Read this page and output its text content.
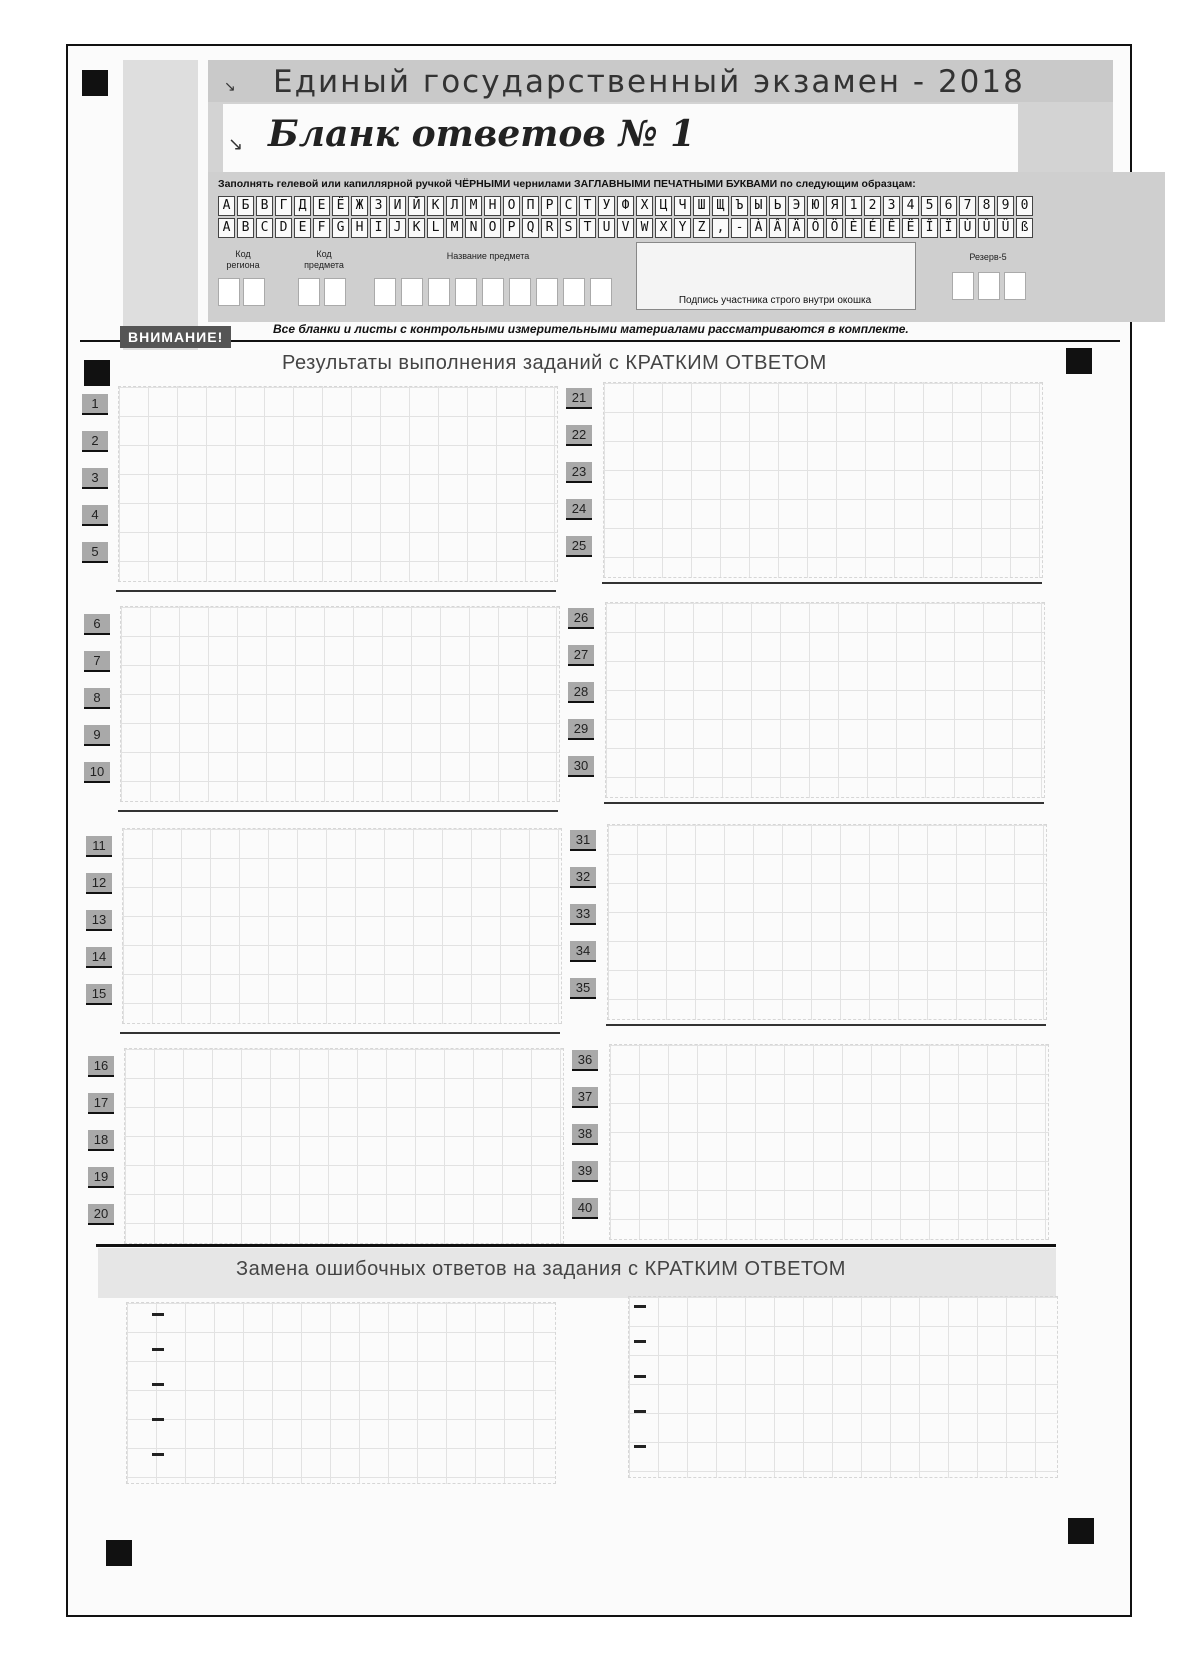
↘ Единый государственный экзамен - 2018
↘ Бланк ответов № 1
Заполнять гелевой или капиллярной ручкой ЧЁРНЫМИ чернилами ЗАГЛАВНЫМИ ПЕЧАТНЫМИ БУКВАМИ по следующим образцам:
А Б В Г Д Е Ё Ж З И Й К Л М Н О П Р С Т У Ф Х Ц Ч Ш Щ Ъ Ы Ь Э Ю Я 1 2 3 4 5 6 7 8 9 0
A B C D E F G H I J K L M N O P Q R S T U V W X Y Z , - À Â Ä Ô Ö È É Ê Ë Î Ï Ù Û Ü ß
Код
региона
Код
предмета
Название предмета
Подпись участника строго внутри окошка
Резерв-5
ВНИМАНИЕ!	Все бланки и листы с контрольными измерительными материалами рассматриваются в комплекте.
Результаты выполнения заданий с КРАТКИМ ОТВЕТОМ
1	21
2	22
3	23
4	24
5	25
6	26
7	27
8	28
9	29
10	30
11	31
12	32
13	33
14	34
15	35
16	36
17	37
18	38
19	39
20	40
Замена ошибочных ответов на задания с КРАТКИМ ОТВЕТОМ
